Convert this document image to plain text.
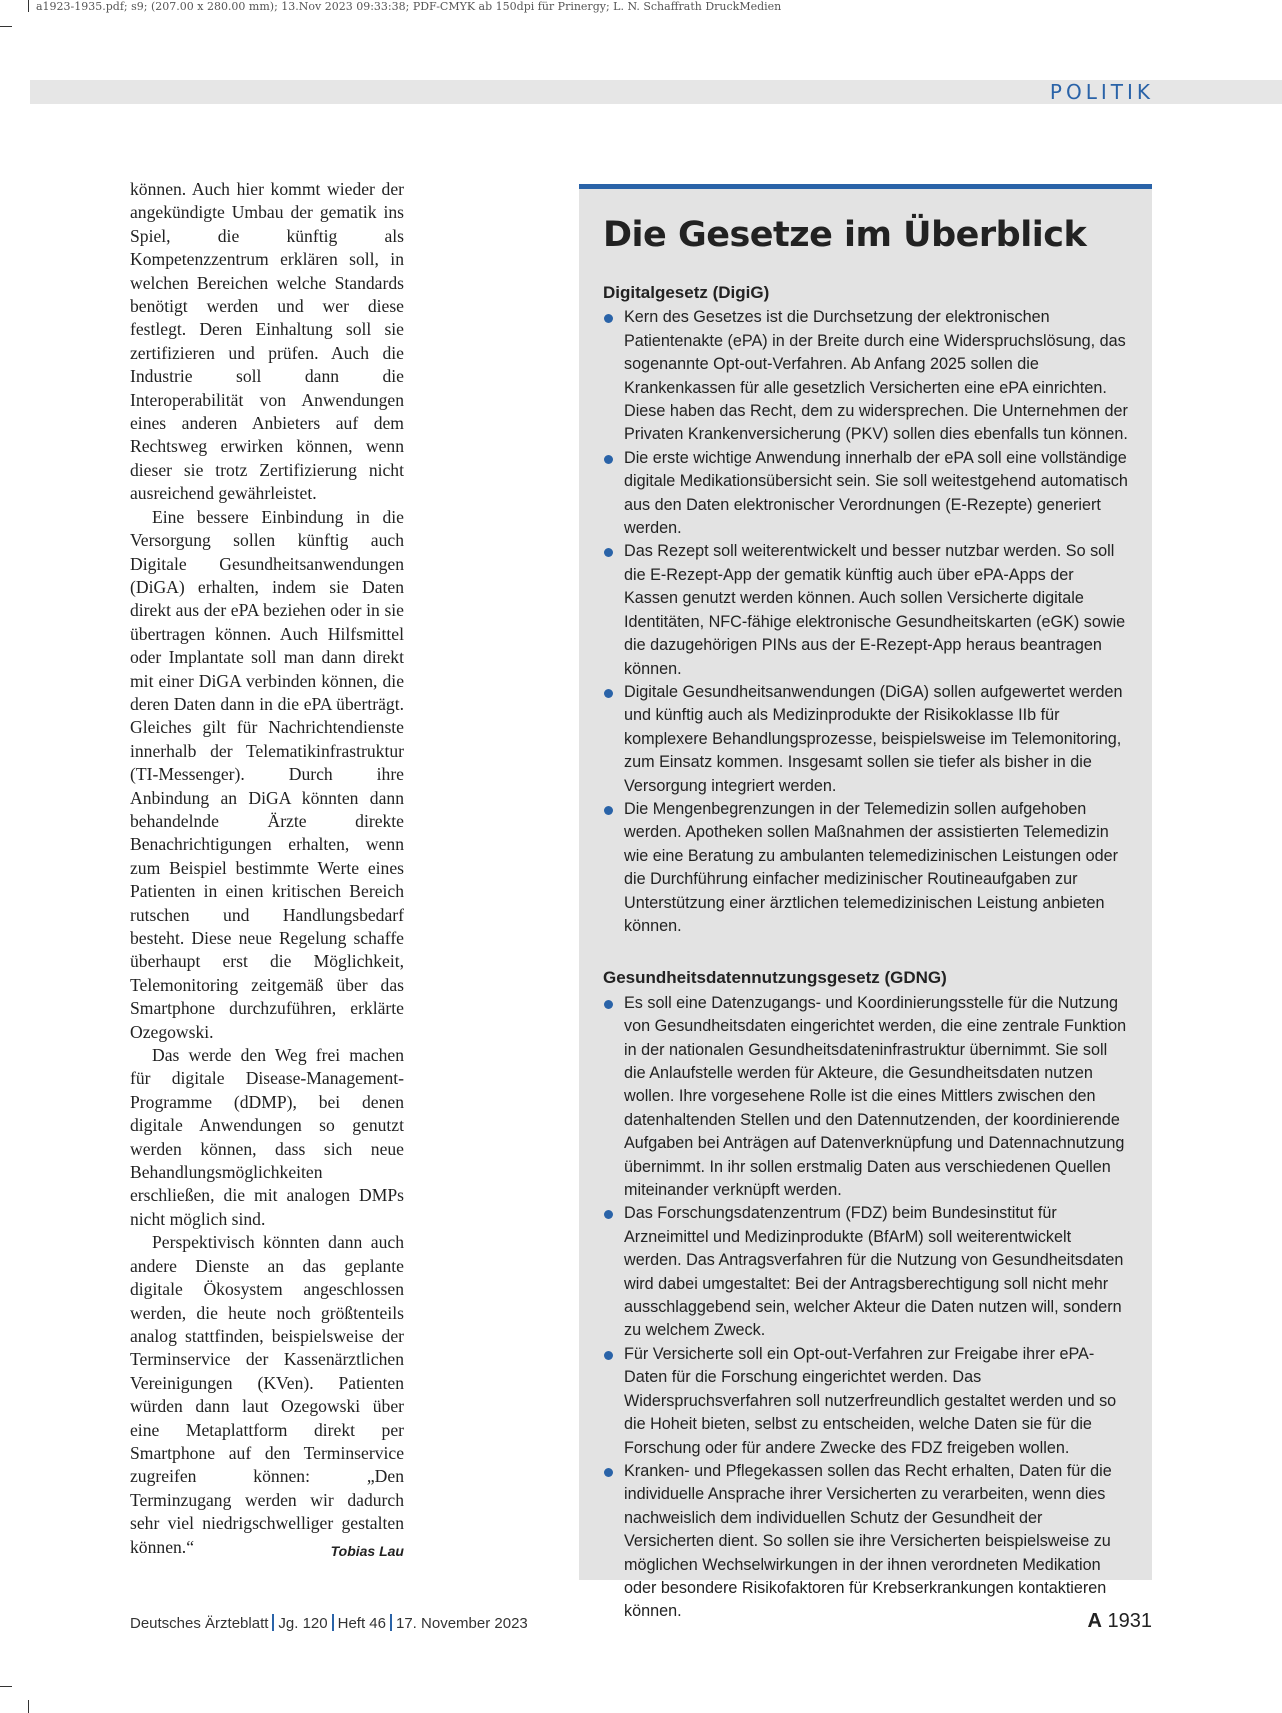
a1923-1935.pdf; s9; (207.00 x 280.00 mm); 13.Nov 2023 09:33:38; PDF-CMYK ab 150dpi für Prinergy; L. N. Schaffrath DruckMedien
POLITIK

können. Auch hier kommt wieder der angekündigte Umbau der gematik ins Spiel, die künftig als Kompetenzzentrum erklären soll, in welchen Bereichen welche Standards benötigt werden und wer diese festlegt. Deren Einhaltung soll sie zertifizieren und prüfen. Auch die Industrie soll dann die Interoperabilität von Anwendungen eines anderen Anbieters auf dem Rechtsweg erwirken können, wenn dieser sie trotz Zertifizierung nicht ausreichend gewährleistet.

Eine bessere Einbindung in die Versorgung sollen künftig auch Digitale Gesundheitsanwendungen (DiGA) erhalten, indem sie Daten direkt aus der ePA beziehen oder in sie übertragen können. Auch Hilfsmittel oder Implantate soll man dann direkt mit einer DiGA verbinden können, die deren Daten dann in die ePA überträgt. Gleiches gilt für Nachrichtendienste innerhalb der Telematikinfrastruktur (TI-Messenger). Durch ihre Anbindung an DiGA könnten dann behandelnde Ärzte direkte Benachrichtigungen erhalten, wenn zum Beispiel bestimmte Werte eines Patienten in einen kritischen Bereich rutschen und Handlungsbedarf besteht. Diese neue Regelung schaffe überhaupt erst die Möglichkeit, Telemonitoring zeitgemäß über das Smartphone durchzuführen, erklärte Ozegowski.

Das werde den Weg frei machen für digitale Disease-Management-Programme (dDMP), bei denen digitale Anwendungen so genutzt werden können, dass sich neue Behandlungsmöglichkeiten erschließen, die mit analogen DMPs nicht möglich sind.

Perspektivisch könnten dann auch andere Dienste an das geplante digitale Ökosystem angeschlossen werden, die heute noch größtenteils analog stattfinden, beispielsweise der Terminservice der Kassenärztlichen Vereinigungen (KVen). Patienten würden dann laut Ozegowski über eine Metaplattform direkt per Smartphone auf den Terminservice zugreifen können: „Den Terminzugang werden wir dadurch sehr viel niedrigschwelliger gestalten können.“	Tobias Lau

Die Gesetze im Überblick
Digitalgesetz (DigiG)
Kern des Gesetzes ist die Durchsetzung der elektronischen Patientenakte (ePA) in der Breite durch eine Widerspruchslösung, das sogenannte Opt-out-Verfahren. Ab Anfang 2025 sollen die Krankenkassen für alle gesetzlich Versicherten eine ePA einrichten. Diese haben das Recht, dem zu widersprechen. Die Unternehmen der Privaten Krankenversicherung (PKV) sollen dies ebenfalls tun können.
Die erste wichtige Anwendung innerhalb der ePA soll eine vollständige digitale Medikationsübersicht sein. Sie soll weitestgehend automatisch aus den Daten elektronischer Verordnungen (E-Rezepte) generiert werden.
Das Rezept soll weiterentwickelt und besser nutzbar werden. So soll die E-Rezept-App der gematik künftig auch über ePA-Apps der Kassen genutzt werden können. Auch sollen Versicherte digitale Identitäten, NFC-fähige elektronische Gesundheitskarten (eGK) sowie die dazugehörigen PINs aus der E-Rezept-App heraus beantragen können.
Digitale Gesundheitsanwendungen (DiGA) sollen aufgewertet werden und künftig auch als Medizinprodukte der Risikoklasse IIb für komplexere Behandlungsprozesse, beispielsweise im Telemonitoring, zum Einsatz kommen. Insgesamt sollen sie tiefer als bisher in die Versorgung integriert werden.
Die Mengenbegrenzungen in der Telemedizin sollen aufgehoben werden. Apotheken sollen Maßnahmen der assistierten Telemedizin wie eine Beratung zu ambulanten telemedizinischen Leistungen oder die Durchführung einfacher medizinischer Routineaufgaben zur Unterstützung einer ärztlichen telemedizinischen Leistung anbieten können.
Gesundheitsdatennutzungsgesetz (GDNG)
Es soll eine Datenzugangs- und Koordinierungsstelle für die Nutzung von Gesundheitsdaten eingerichtet werden, die eine zentrale Funktion in der nationalen Gesundheitsdateninfrastruktur übernimmt. Sie soll die Anlaufstelle werden für Akteure, die Gesundheitsdaten nutzen wollen. Ihre vorgesehene Rolle ist die eines Mittlers zwischen den datenhaltenden Stellen und den Datennutzenden, der koordinierende Aufgaben bei Anträgen auf Datenverknüpfung und Datennachnutzung übernimmt. In ihr sollen erstmalig Daten aus verschiedenen Quellen miteinander verknüpft werden.
Das Forschungsdatenzentrum (FDZ) beim Bundesinstitut für Arzneimittel und Medizinprodukte (BfArM) soll weiterentwickelt werden. Das Antragsverfahren für die Nutzung von Gesundheitsdaten wird dabei umgestaltet: Bei der Antragsberechtigung soll nicht mehr ausschlaggebend sein, welcher Akteur die Daten nutzen will, sondern zu welchem Zweck.
Für Versicherte soll ein Opt-out-Verfahren zur Freigabe ihrer ePA-Daten für die Forschung eingerichtet werden. Das Widerspruchsverfahren soll nutzerfreundlich gestaltet werden und so die Hoheit bieten, selbst zu entscheiden, welche Daten sie für die Forschung oder für andere Zwecke des FDZ freigeben wollen.
Kranken- und Pflegekassen sollen das Recht erhalten, Daten für die individuelle Ansprache ihrer Versicherten zu verarbeiten, wenn dies nachweislich dem individuellen Schutz der Gesundheit der Versicherten dient. So sollen sie ihre Versicherten beispielsweise zu möglichen Wechselwirkungen in der ihnen verordneten Medikation oder besondere Risikofaktoren für Krebserkrankungen kontaktieren können.
Deutsches Ärzteblatt Jg. 120 Heft 46 17. November 2023	A 1931
